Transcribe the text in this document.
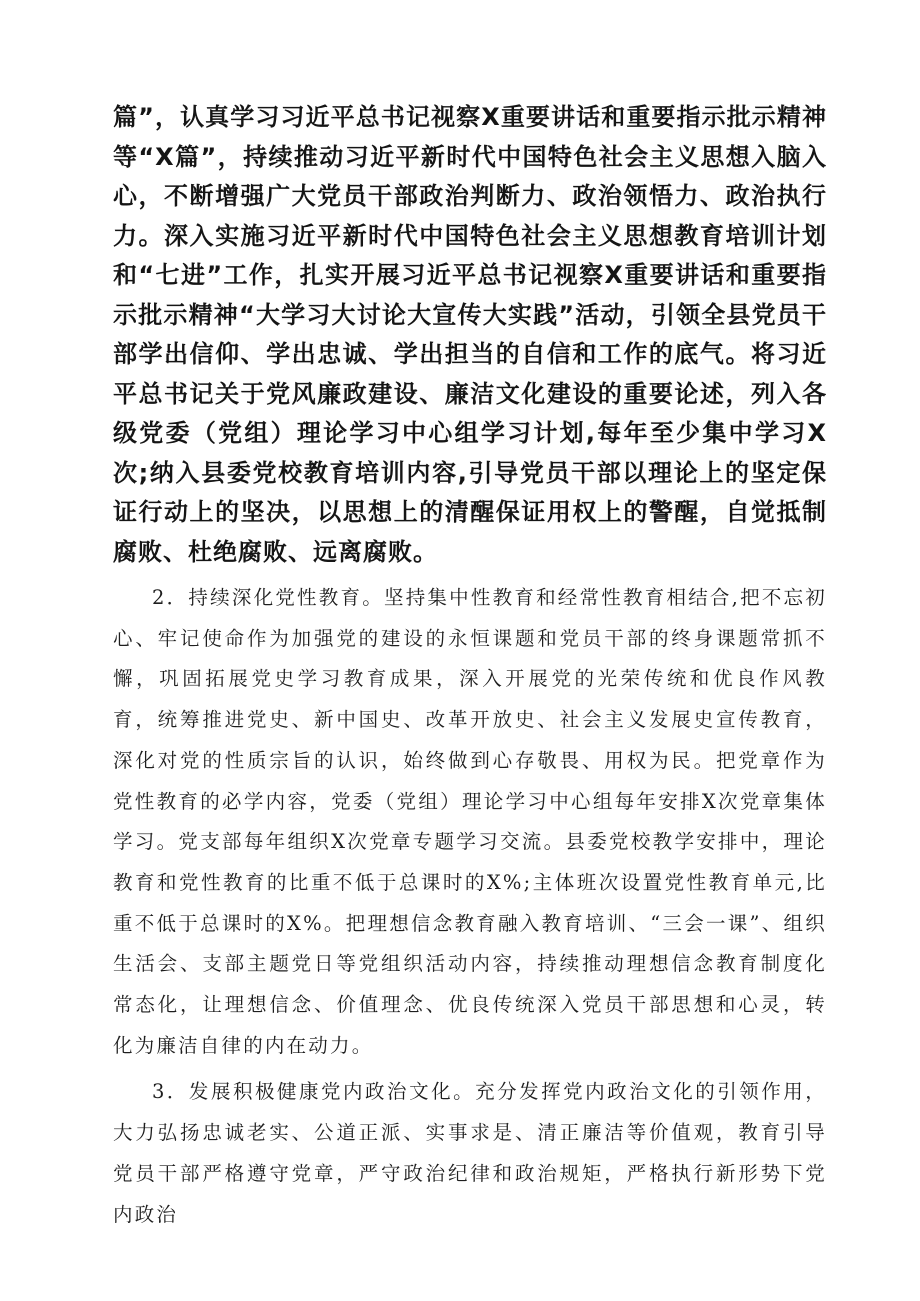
篇”，认真学习习近平总书记视察X重要讲话和重要指示批示精神等“X篇”，持续推动习近平新时代中国特色社会主义思想入脑入心，不断增强广大党员干部政治判断力、政治领悟力、政治执行力。深入实施习近平新时代中国特色社会主义思想教育培训计划和“七进”工作，扎实开展习近平总书记视察X重要讲话和重要指示批示精神“大学习大讨论大宣传大实践”活动，引领全县党员干部学出信仰、学出忠诚、学出担当的自信和工作的底气。将习近平总书记关于党风廉政建设、廉洁文化建设的重要论述，列入各级党委（党组）理论学习中心组学习计划,每年至少集中学习X次;纳入县委党校教育培训内容,引导党员干部以理论上的坚定保证行动上的坚决，以思想上的清醒保证用权上的警醒，自觉抵制腐败、杜绝腐败、远离腐败。

2．持续深化党性教育。坚持集中性教育和经常性教育相结合,把不忘初心、牢记使命作为加强党的建设的永恒课题和党员干部的终身课题常抓不懈，巩固拓展党史学习教育成果，深入开展党的光荣传统和优良作风教育，统筹推进党史、新中国史、改革开放史、社会主义发展史宣传教育，深化对党的性质宗旨的认识，始终做到心存敬畏、用权为民。把党章作为党性教育的必学内容，党委（党组）理论学习中心组每年安排X次党章集体学习。党支部每年组织X次党章专题学习交流。县委党校教学安排中，理论教育和党性教育的比重不低于总课时的X%;主体班次设置党性教育单元,比重不低于总课时的X%。把理想信念教育融入教育培训、“三会一课”、组织生活会、支部主题党日等党组织活动内容，持续推动理想信念教育制度化常态化，让理想信念、价值理念、优良传统深入党员干部思想和心灵，转化为廉洁自律的内在动力。

3．发展积极健康党内政治文化。充分发挥党内政治文化的引领作用，大力弘扬忠诚老实、公道正派、实事求是、清正廉洁等价值观，教育引导党员干部严格遵守党章，严守政治纪律和政治规矩，严格执行新形势下党内政治
